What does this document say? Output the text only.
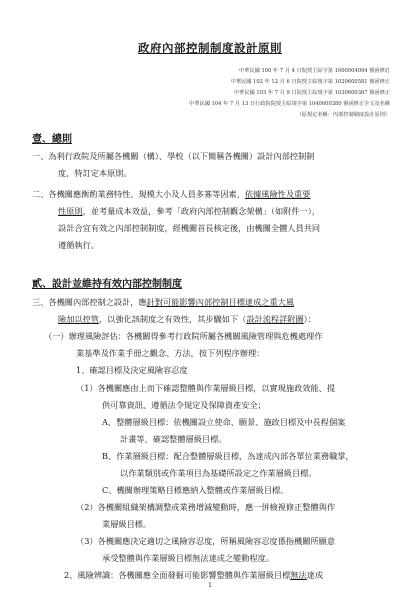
政府內部控制制度設計原則
中華民國 100 年 7 月 4 日院授主綜字第 1000004094 號函修訂
中華民國 102 年 12 月 6 日院授主綜規字第 1020600581 號函修正
中華民國 103 年 7 月 9 日院授主綜規字第 1030600367 號函修正
中華民國 104 年 7 月 13 日行政院院授主綜規字第 1040600380 號函修正全文及名稱
（原規定名稱：內部控制制度設計原則）
壹、總則
一、為利行政院及所屬各機關（構）、學校（以下簡稱各機關）設計內部控制制
度，特訂定本原則。
二、各機關應衡酌業務特性、規模大小及人員多寡等因素，依據風險性及重要
性原則，並考量成本效益，參考「政府內部控制觀念架構」（如附件一），
設計合宜有效之內部控制制度，經機關首長核定後，由機關全體人員共同
遵循執行。
貳、設計並維持有效內部控制制度
三、各機關內部控制之設計，應針對可能影響內部控制目標達成之重大風
險加以控管，以強化該制度之有效性，其步驟如下（設計流程詳附圖）：
（一）辦理風險評估：各機關得參考行政院所屬各機關風險管理與危機處理作
業基準及作業手冊之觀念、方法，按下列程序辦理：
1、確認目標及決定風險容忍度
（1）各機關應由上而下確認整體與作業層級目標，以實現施政效能、提
供可靠資訊、遵循法令規定及保障資產安全；
A、整體層級目標：依機關設立使命、願景、施政目標及中長程個案
計畫等，確認整體層級目標。
B、作業層級目標：配合整體層級目標，為達成內部各單位業務職掌，
以作業類別或作業項目為基礎所設定之作業層級目標。
C、機關辦理策略目標應納入整體或作業層級目標。
（2）各機關組織架構調整或業務增減變動時，應一併檢視修正整體與作
業層級目標。
（3）各機關應決定適切之風險容忍度，所稱風險容忍度係指機關所願意
承受整體與作業層級目標無法達成之變動程度。
2、風險辨識：各機關應全面發掘可能影響整體與作業層級目標無法達成
1
